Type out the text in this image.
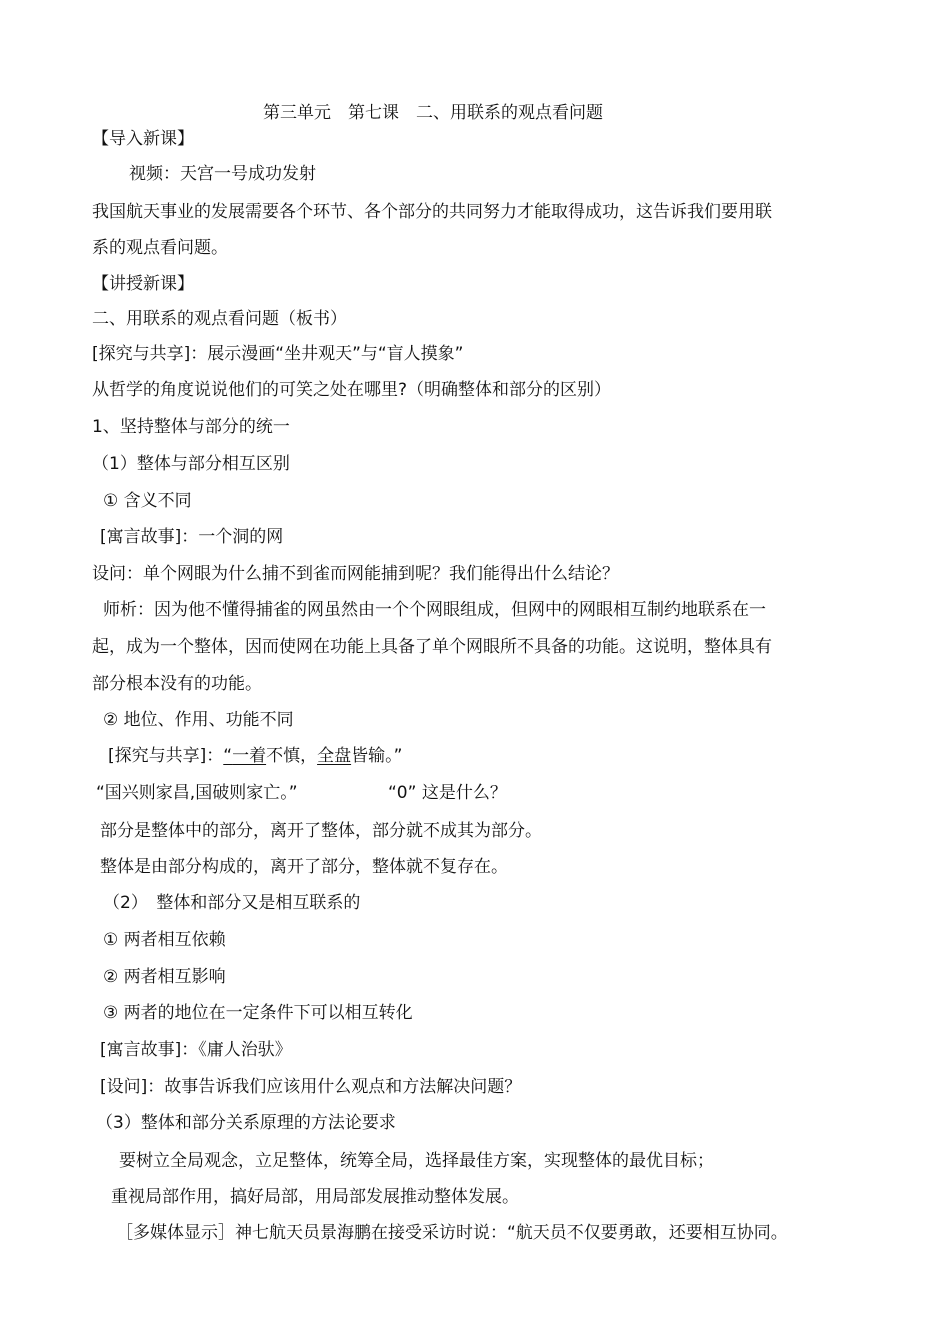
第三单元　第七课　二、用联系的观点看问题
【导入新课】
视频：天宫一号成功发射
我国航天事业的发展需要各个环节、各个部分的共同努力才能取得成功，这告诉我们要用联
系的观点看问题。
【讲授新课】
二、用联系的观点看问题（板书）
[探究与共享]：展示漫画“坐井观天”与“盲人摸象”
从哲学的角度说说他们的可笑之处在哪里?（明确整体和部分的区别）
1、坚持整体与部分的统一
（1）整体与部分相互区别
① 含义不同
[寓言故事]：一个洞的网
设问：单个网眼为什么捕不到雀而网能捕到呢？我们能得出什么结论？
师析：因为他不懂得捕雀的网虽然由一个个网眼组成，但网中的网眼相互制约地联系在一
起，成为一个整体，因而使网在功能上具备了单个网眼所不具备的功能。这说明，整体具有
部分根本没有的功能。
② 地位、作用、功能不同
[探究与共享]：“一着不慎，全盘皆输。”
“国兴则家昌,国破则家亡。”	“0” 这是什么？
部分是整体中的部分，离开了整体，部分就不成其为部分。
整体是由部分构成的，离开了部分，整体就不复存在。
（2）　整体和部分又是相互联系的
① 两者相互依赖
② 两者相互影响
③ 两者的地位在一定条件下可以相互转化
[寓言故事]：《庸人治驮》
[设问]：故事告诉我们应该用什么观点和方法解决问题？
（3）整体和部分关系原理的方法论要求
要树立全局观念，立足整体，统筹全局，选择最佳方案，实现整体的最优目标；
重视局部作用，搞好局部，用局部发展推动整体发展。
［多媒体显示］神七航天员景海鹏在接受采访时说：“航天员不仅要勇敢，还要相互协同。
